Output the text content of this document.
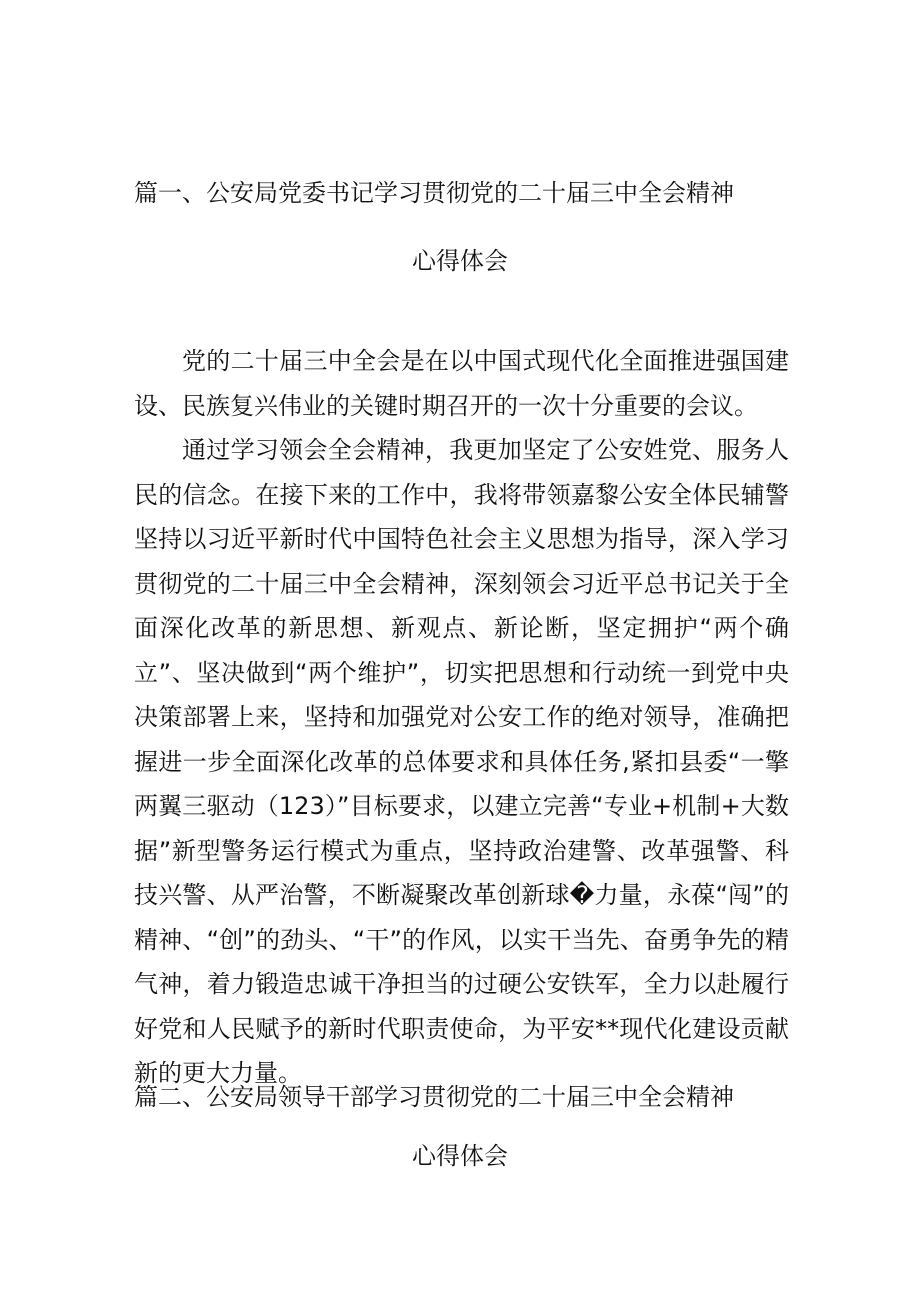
篇一、公安局党委书记学习贯彻党的二十届三中全会精神
心得体会
党的二十届三中全会是在以中国式现代化全面推进强国建设、民族复兴伟业的关键时期召开的一次十分重要的会议。
通过学习领会全会精神，我更加坚定了公安姓党、服务人民的信念。在接下来的工作中，我将带领嘉黎公安全体民辅警坚持以习近平新时代中国特色社会主义思想为指导，深入学习贯彻党的二十届三中全会精神，深刻领会习近平总书记关于全面深化改革的新思想、新观点、新论断，坚定拥护“两个确立”、坚决做到“两个维护”，切实把思想和行动统一到党中央决策部署上来，坚持和加强党对公安工作的绝对领导，准确把握进一步全面深化改革的总体要求和具体任务,紧扣县委“一擎两翼三驱动（123）”目标要求，以建立完善“专业+机制+大数据”新型警务运行模式为重点，坚持政治建警、改革强警、科技兴警、从严治警，不断凝聚改革创新球�力量，永葆“闯”的精神、“创”的劲头、“干”的作风，以实干当先、奋勇争先的精气神，着力锻造忠诚干净担当的过硬公安铁军，全力以赴履行好党和人民赋予的新时代职责使命，为平安**现代化建设贡献新的更大力量。
篇二、公安局领导干部学习贯彻党的二十届三中全会精神
心得体会
